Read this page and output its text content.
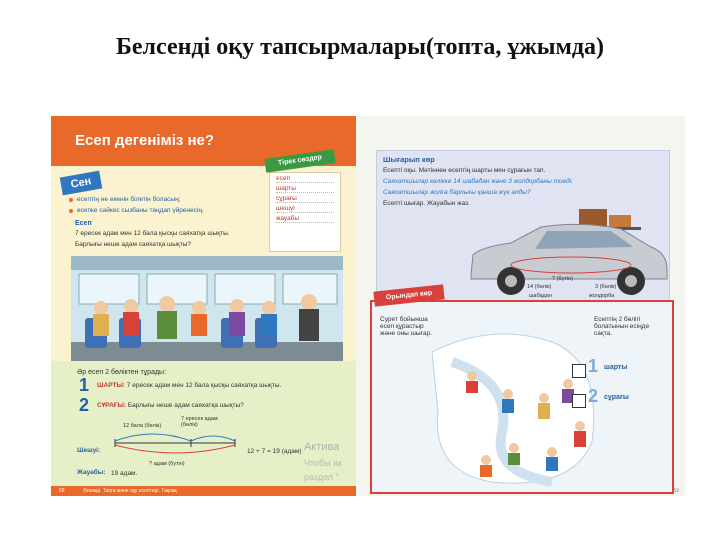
Белсенді оқу тапсырмалары(топта, ұжымда)
Есеп дегеніміз не?
Сен
есептің не екенін білетін боласың;
есепке сәйкес сызбаны таңдап үйренесің.
Есеп
7 ересек адам мен 12 бала қысқы саяхатқа шықты.
Барлығы неше адам саяхатқа шықты?
есеп
шарты
сұрағы
шешуі
жауабы
Тірек сөздер
Әр есеп 2 бөліктен тұрады:
1 ШАРТЫ: 7 ересек адам мен 12 бала қысқы саяхатқа шықты.
2 СҰРАҒЫ: Барлығы неше адам саяхатқа шықты?
12 бала (бөлік)
7 ересек адам (бөлік)
? адам (бүтін)
Шешуі:	12 + 7 = 19 (адам)
Жауабы: 19 адам.
58	Әлемді. Тақта және оқу есептері. Тақпақ
Шығарып көр
Есепті оқы. Мәтіннен есептің шарты мен сұрағын тап.
Саяхатшылар көлікке 14 шабадан және 3 жолдорбаны тиеді.
Саяхатшылар жолға барлығы қанша жүк алды?
Есепті шығар. Жауабын жаз.
14 (бөлік)	3 (бөлік)
шабадан	жолдорба
? (бүтін)
Сурет бойынша есеп құрастыр және оны шығар.
Есептің 2 бөлігі болатынын есіңде сақта.
1 шарты
2 сұрағы
Орындап көр
59
Актива
Чтобы ак
раздел "
